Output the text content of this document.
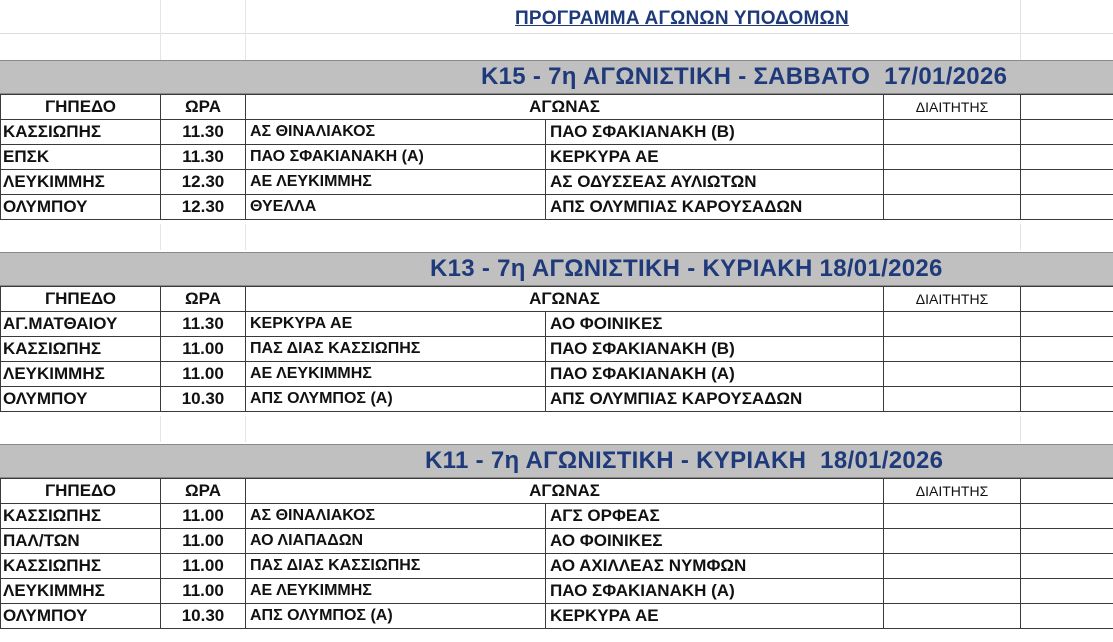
ΠΡΟΓΡΑΜΜΑ ΑΓΩΝΩΝ ΥΠΟΔΟΜΩΝ
Κ15 - 7η ΑΓΩΝΙΣΤΙΚΗ - ΣΑΒΒΑΤΟ  17/01/2026
ΓΗΠΕΔΟ	ΩΡΑ	ΑΓΩΝΑΣ		ΔΙΑΙΤΗΤΗΣ	
ΚΑΣΣΙΩΠΗΣ	11.30	ΑΣ ΘΙΝΑΛΙΑΚΟΣ	ΠΑΟ ΣΦΑΚΙΑΝΑΚΗ (Β)		
ΕΠΣΚ	11.30	ΠΑΟ ΣΦΑΚΙΑΝΑΚΗ (Α)	ΚΕΡΚΥΡΑ ΑΕ		
ΛΕΥΚΙΜΜΗΣ	12.30	ΑΕ ΛΕΥΚΙΜΜΗΣ	ΑΣ ΟΔΥΣΣΕΑΣ ΑΥΛΙΩΤΩΝ		
ΟΛΥΜΠΟΥ	12.30	ΘΥΕΛΛΑ	ΑΠΣ ΟΛΥΜΠΙΑΣ ΚΑΡΟΥΣΑΔΩΝ		
Κ13 - 7η ΑΓΩΝΙΣΤΙΚΗ - ΚΥΡΙΑΚΗ 18/01/2026
ΓΗΠΕΔΟ	ΩΡΑ	ΑΓΩΝΑΣ		ΔΙΑΙΤΗΤΗΣ	
ΑΓ.ΜΑΤΘΑΙΟΥ	11.30	ΚΕΡΚΥΡΑ ΑΕ	ΑΟ ΦΟΙΝΙΚΕΣ		
ΚΑΣΣΙΩΠΗΣ	11.00	ΠΑΣ ΔΙΑΣ ΚΑΣΣΙΩΠΗΣ	ΠΑΟ ΣΦΑΚΙΑΝΑΚΗ (Β)		
ΛΕΥΚΙΜΜΗΣ	11.00	ΑΕ ΛΕΥΚΙΜΜΗΣ	ΠΑΟ ΣΦΑΚΙΑΝΑΚΗ (Α)		
ΟΛΥΜΠΟΥ	10.30	ΑΠΣ ΟΛΥΜΠΟΣ (Α)	ΑΠΣ ΟΛΥΜΠΙΑΣ ΚΑΡΟΥΣΑΔΩΝ		
Κ11 - 7η ΑΓΩΝΙΣΤΙΚΗ - ΚΥΡΙΑΚΗ  18/01/2026
ΓΗΠΕΔΟ	ΩΡΑ	ΑΓΩΝΑΣ		ΔΙΑΙΤΗΤΗΣ	
ΚΑΣΣΙΩΠΗΣ	11.00	ΑΣ ΘΙΝΑΛΙΑΚΟΣ	ΑΓΣ ΟΡΦΕΑΣ		
ΠΑΛ/ΤΩΝ	11.00	ΑΟ ΛΙΑΠΑΔΩΝ	ΑΟ ΦΟΙΝΙΚΕΣ		
ΚΑΣΣΙΩΠΗΣ	11.00	ΠΑΣ ΔΙΑΣ ΚΑΣΣΙΩΠΗΣ	ΑΟ ΑΧΙΛΛΕΑΣ ΝΥΜΦΩΝ		
ΛΕΥΚΙΜΜΗΣ	11.00	ΑΕ ΛΕΥΚΙΜΜΗΣ	ΠΑΟ ΣΦΑΚΙΑΝΑΚΗ (Α)		
ΟΛΥΜΠΟΥ	10.30	ΑΠΣ ΟΛΥΜΠΟΣ (Α)	ΚΕΡΚΥΡΑ ΑΕ		
